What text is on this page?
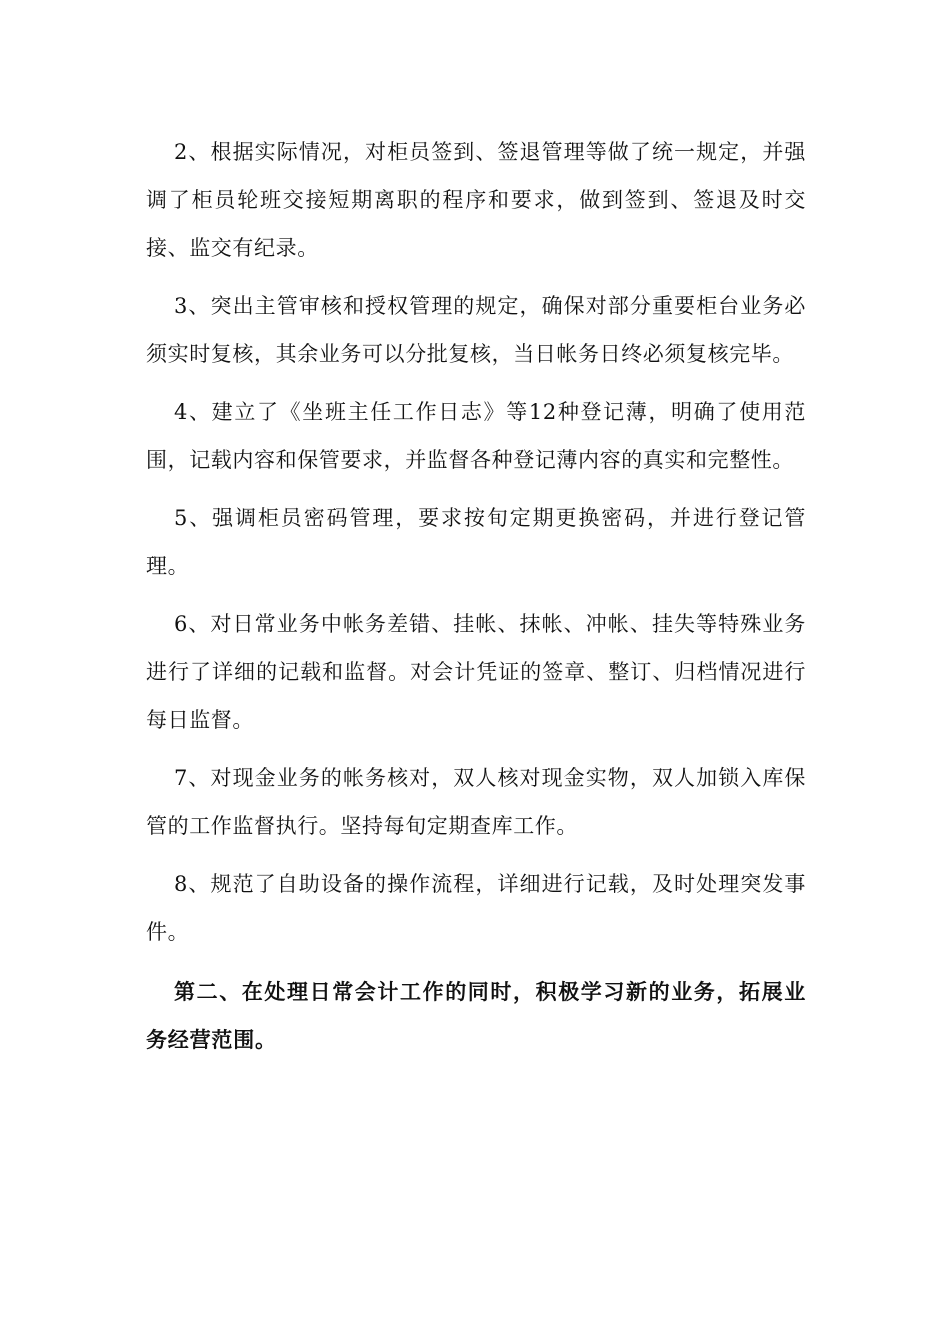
2、根据实际情况，对柜员签到、签退管理等做了统一规定，并强调了柜员轮班交接短期离职的程序和要求，做到签到、签退及时交接、监交有纪录。

3、突出主管审核和授权管理的规定，确保对部分重要柜台业务必须实时复核，其余业务可以分批复核，当日帐务日终必须复核完毕。

4、建立了《坐班主任工作日志》等12种登记薄，明确了使用范围，记载内容和保管要求，并监督各种登记薄内容的真实和完整性。

5、强调柜员密码管理，要求按旬定期更换密码，并进行登记管理。

6、对日常业务中帐务差错、挂帐、抹帐、冲帐、挂失等特殊业务进行了详细的记载和监督。对会计凭证的签章、整订、归档情况进行每日监督。

7、对现金业务的帐务核对，双人核对现金实物，双人加锁入库保管的工作监督执行。坚持每旬定期查库工作。

8、规范了自助设备的操作流程，详细进行记载，及时处理突发事件。

第二、在处理日常会计工作的同时，积极学习新的业务，拓展业务经营范围。
